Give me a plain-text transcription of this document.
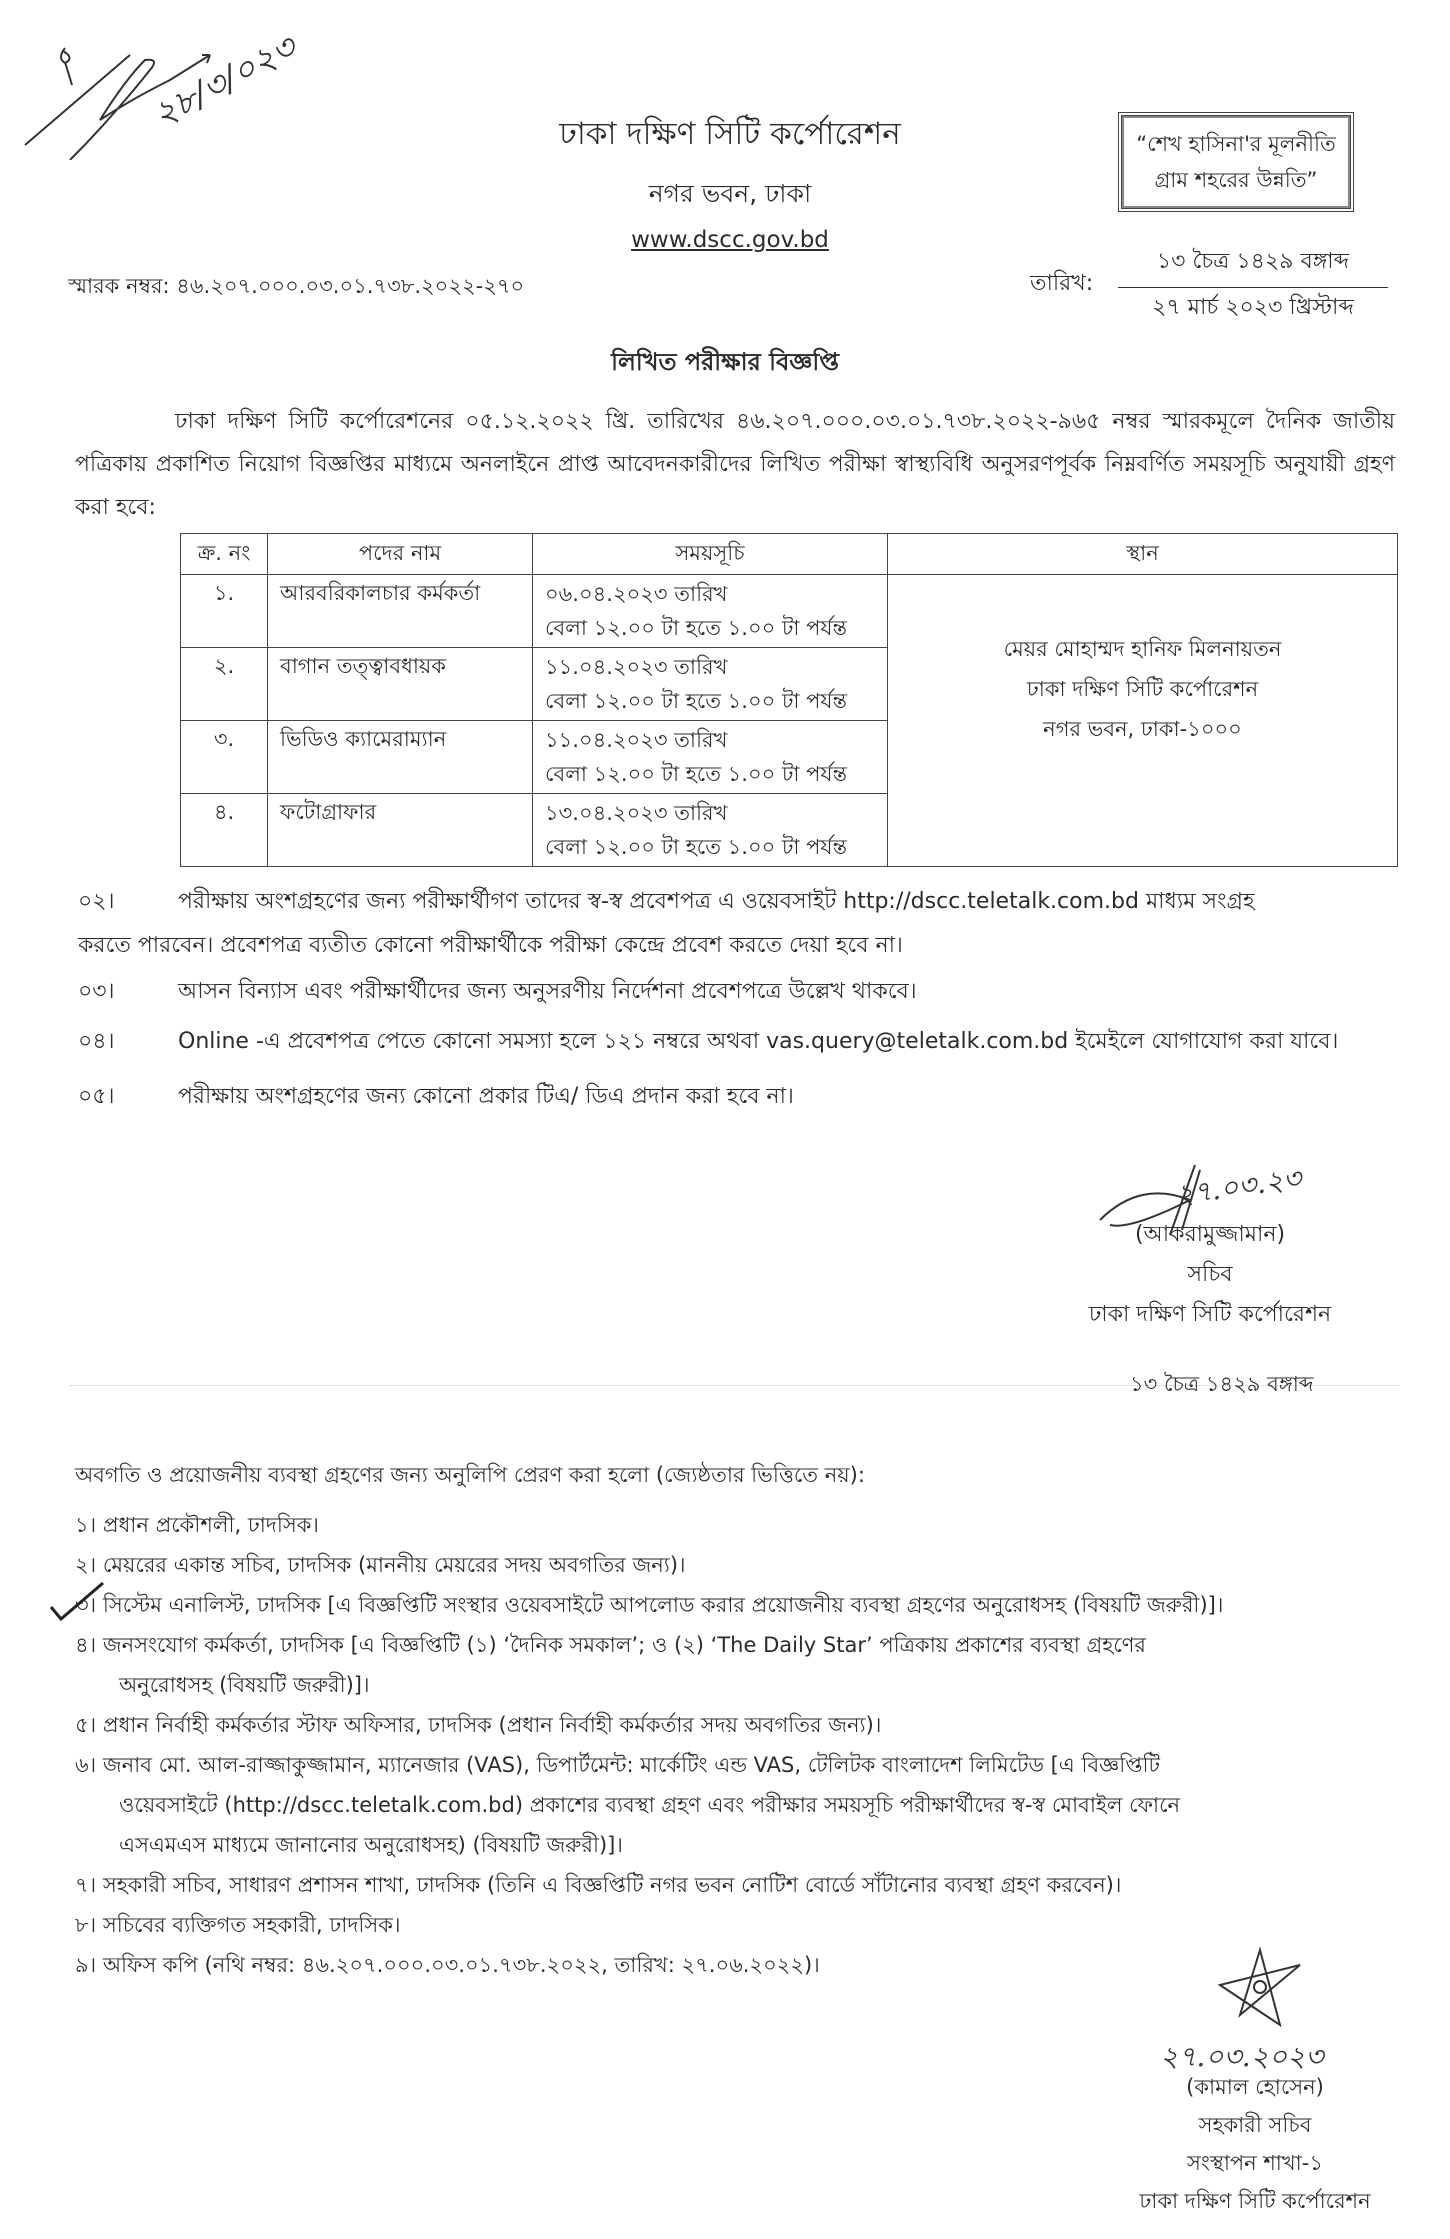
২৮/৩/০২৩	ঢাকা দক্ষিণ সিটি কর্পোরেশন
নগর ভবন, ঢাকা
www.dscc.gov.bd
“শেখ হাসিনা'র মূলনীতি
গ্রাম শহরের উন্নতি”
স্মারক নম্বর: ৪৬.২০৭.০০০.০৩.০১.৭৩৮.২০২২-২৭০	তারিখ:
১৩ চৈত্র ১৪২৯ বঙ্গাব্দ
২৭ মার্চ ২০২৩ খ্রিস্টাব্দ
লিখিত পরীক্ষার বিজ্ঞপ্তি
ঢাকা দক্ষিণ সিটি কর্পোরেশনের ০৫.১২.২০২২ খ্রি. তারিখের ৪৬.২০৭.০০০.০৩.০১.৭৩৮.২০২২-৯৬৫ নম্বর স্মারকমূলে দৈনিক জাতীয় পত্রিকায় প্রকাশিত নিয়োগ বিজ্ঞপ্তির মাধ্যমে অনলাইনে প্রাপ্ত আবেদনকারীদের লিখিত পরীক্ষা স্বাস্থ্যবিধি অনুসরণপূর্বক নিম্নবর্ণিত সময়সূচি অনুযায়ী গ্রহণ করা হবে:
ক্র. নং	পদের নাম	সময়সূচি	স্থান
১.	আরবরিকালচার কর্মকর্তা	০৬.০৪.২০২৩ তারিখ
বেলা ১২.০০ টা হতে ১.০০ টা পর্যন্ত

মেয়র মোহাম্মদ হানিফ মিলনায়তন
ঢাকা দক্ষিণ সিটি কর্পোরেশন
নগর ভবন, ঢাকা-১০০০

২.	বাগান তত্ত্বাবধায়ক	১১.০৪.২০২৩ তারিখ
বেলা ১২.০০ টা হতে ১.০০ টা পর্যন্ত	

৩.	ভিডিও ক্যামেরাম্যান	১১.০৪.২০২৩ তারিখ
বেলা ১২.০০ টা হতে ১.০০ টা পর্যন্ত	

৪.	ফটোগ্রাফার	১৩.০৪.২০২৩ তারিখ
বেলা ১২.০০ টা হতে ১.০০ টা পর্যন্ত	
০২।	পরীক্ষায় অংশগ্রহণের জন্য পরীক্ষার্থীগণ তাদের স্ব-স্ব প্রবেশপত্র এ ওয়েবসাইট http://dscc.teletalk.com.bd মাধ্যম সংগ্রহ
করতে পারবেন। প্রবেশপত্র ব্যতীত কোনো পরীক্ষার্থীকে পরীক্ষা কেন্দ্রে প্রবেশ করতে দেয়া হবে না।
০৩।	আসন বিন্যাস এবং পরীক্ষার্থীদের জন্য অনুসরণীয় নির্দেশনা প্রবেশপত্রে উল্লেখ থাকবে।
০৪।	Online -এ প্রবেশপত্র পেতে কোনো সমস্যা হলে ১২১ নম্বরে অথবা vas.query@teletalk.com.bd ইমেইলে যোগাযোগ করা যাবে।
০৫।	পরীক্ষায় অংশগ্রহণের জন্য কোনো প্রকার টিএ/ ডিএ প্রদান করা হবে না।
২৭.০৩.২৩
(আকরামুজ্জামান)
সচিব
ঢাকা দক্ষিণ সিটি কর্পোরেশন
১৩ চৈত্র ১৪২৯ বঙ্গাব্দ
অবগতি ও প্রয়োজনীয় ব্যবস্থা গ্রহণের জন্য অনুলিপি প্রেরণ করা হলো (জ্যেষ্ঠতার ভিত্তিতে নয়):
১। প্রধান প্রকৌশলী, ঢাদসিক।
২। মেয়রের একান্ত সচিব, ঢাদসিক (মাননীয় মেয়রের সদয় অবগতির জন্য)।
৩। সিস্টেম এনালিস্ট, ঢাদসিক [এ বিজ্ঞপ্তিটি সংস্থার ওয়েবসাইটে আপলোড করার প্রয়োজনীয় ব্যবস্থা গ্রহণের অনুরোধসহ (বিষয়টি জরুরী)]।
৪। জনসংযোগ কর্মকর্তা, ঢাদসিক [এ বিজ্ঞপ্তিটি (১) ‘দৈনিক সমকাল’; ও (২) ‘The Daily Star’ পত্রিকায় প্রকাশের ব্যবস্থা গ্রহণের
অনুরোধসহ (বিষয়টি জরুরী)]।
৫। প্রধান নির্বাহী কর্মকর্তার স্টাফ অফিসার, ঢাদসিক (প্রধান নির্বাহী কর্মকর্তার সদয় অবগতির জন্য)।
৬। জনাব মো. আল-রাজ্জাকুজ্জামান, ম্যানেজার (VAS), ডিপার্টমেন্ট: মার্কেটিং এন্ড VAS, টেলিটক বাংলাদেশ লিমিটেড [এ বিজ্ঞপ্তিটি
ওয়েবসাইটে (http://dscc.teletalk.com.bd) প্রকাশের ব্যবস্থা গ্রহণ এবং পরীক্ষার সময়সূচি পরীক্ষার্থীদের স্ব-স্ব মোবাইল ফোনে
এসএমএস মাধ্যমে জানানোর অনুরোধসহ) (বিষয়টি জরুরী)]।
৭। সহকারী সচিব, সাধারণ প্রশাসন শাখা, ঢাদসিক (তিনি এ বিজ্ঞপ্তিটি নগর ভবন নোটিশ বোর্ডে সাঁটানোর ব্যবস্থা গ্রহণ করবেন)।
৮। সচিবের ব্যক্তিগত সহকারী, ঢাদসিক।
৯। অফিস কপি (নথি নম্বর: ৪৬.২০৭.০০০.০৩.০১.৭৩৮.২০২২, তারিখ: ২৭.০৬.২০২২)।
২৭.০৩.২০২৩
(কামাল হোসেন)
সহকারী সচিব
সংস্থাপন শাখা-১
ঢাকা দক্ষিণ সিটি কর্পোরেশন
